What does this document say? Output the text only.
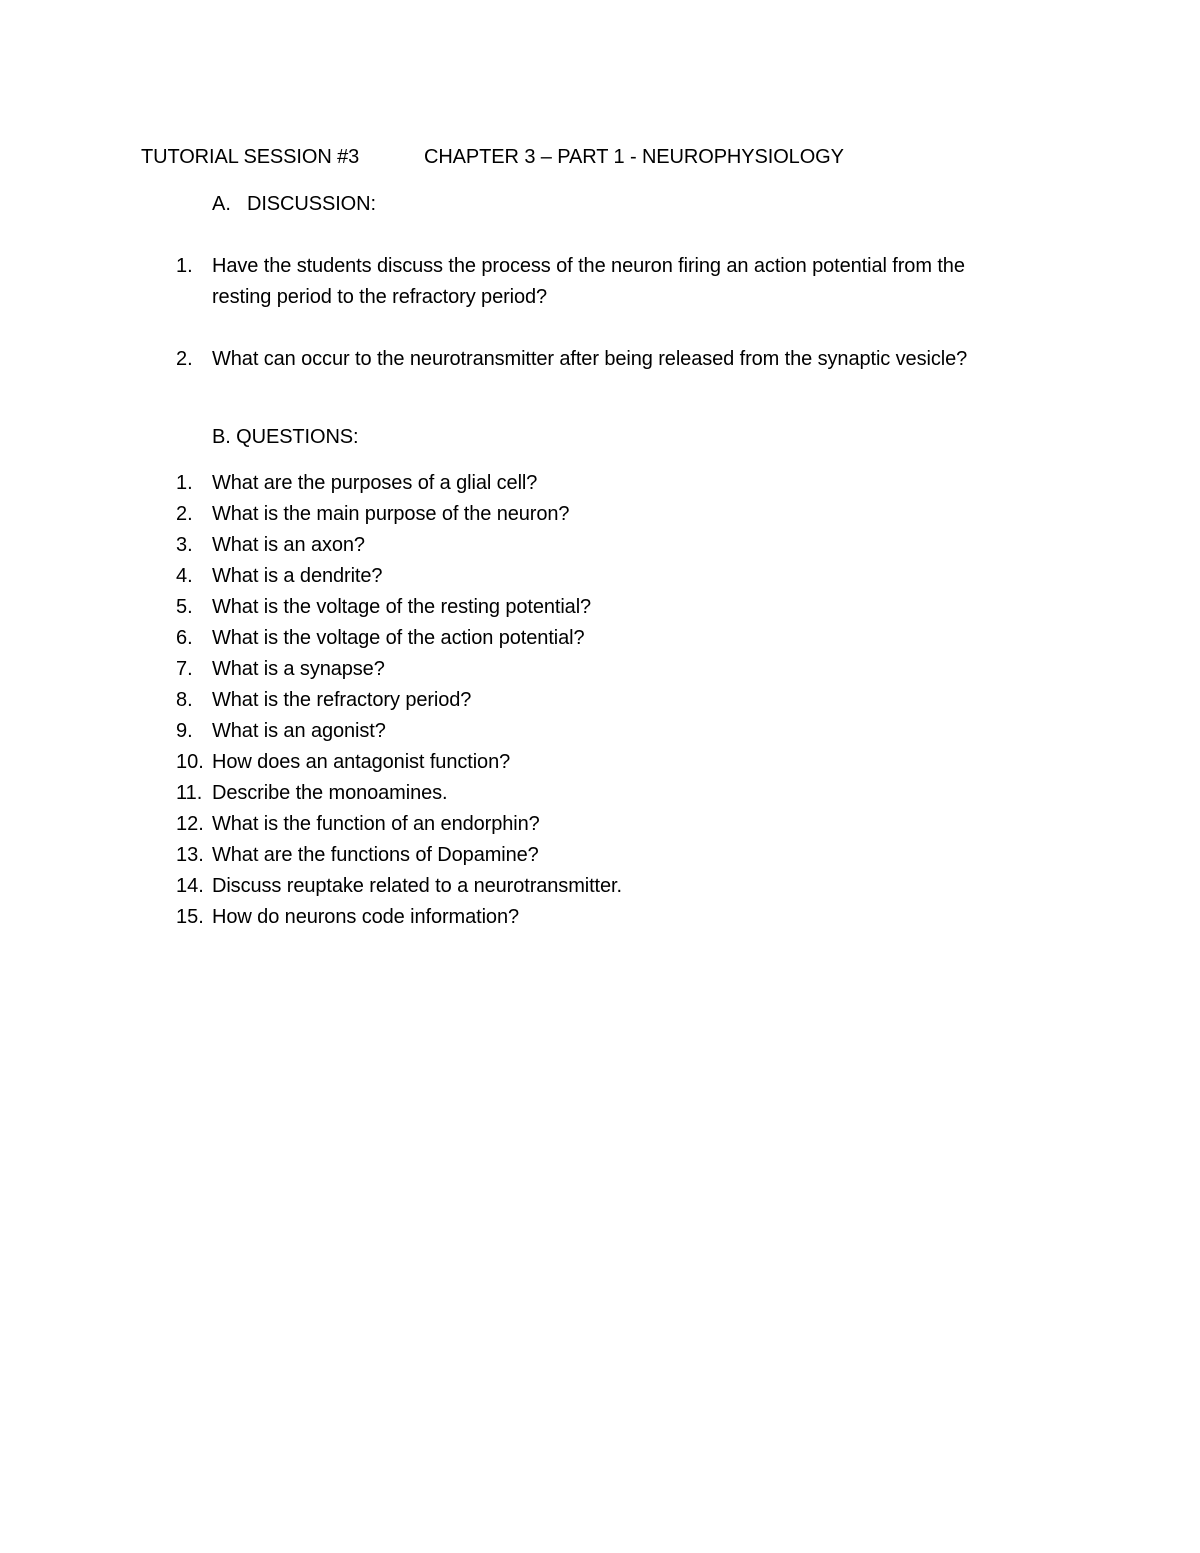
TUTORIAL SESSION #3	CHAPTER 3 – PART 1 - NEUROPHYSIOLOGY
A. DISCUSSION:
1. Have the students discuss the process of the neuron firing an action potential from the
resting period to the refractory period?
2. What can occur to the neurotransmitter after being released from the synaptic vesicle?
B. QUESTIONS:
1. What are the purposes of a glial cell?
2. What is the main purpose of the neuron?
3. What is an axon?
4. What is a dendrite?
5. What is the voltage of the resting potential?
6. What is the voltage of the action potential?
7. What is a synapse?
8. What is the refractory period?
9. What is an agonist?
10. How does an antagonist function?
11. Describe the monoamines.
12. What is the function of an endorphin?
13. What are the functions of Dopamine?
14. Discuss reuptake related to a neurotransmitter.
15. How do neurons code information?
